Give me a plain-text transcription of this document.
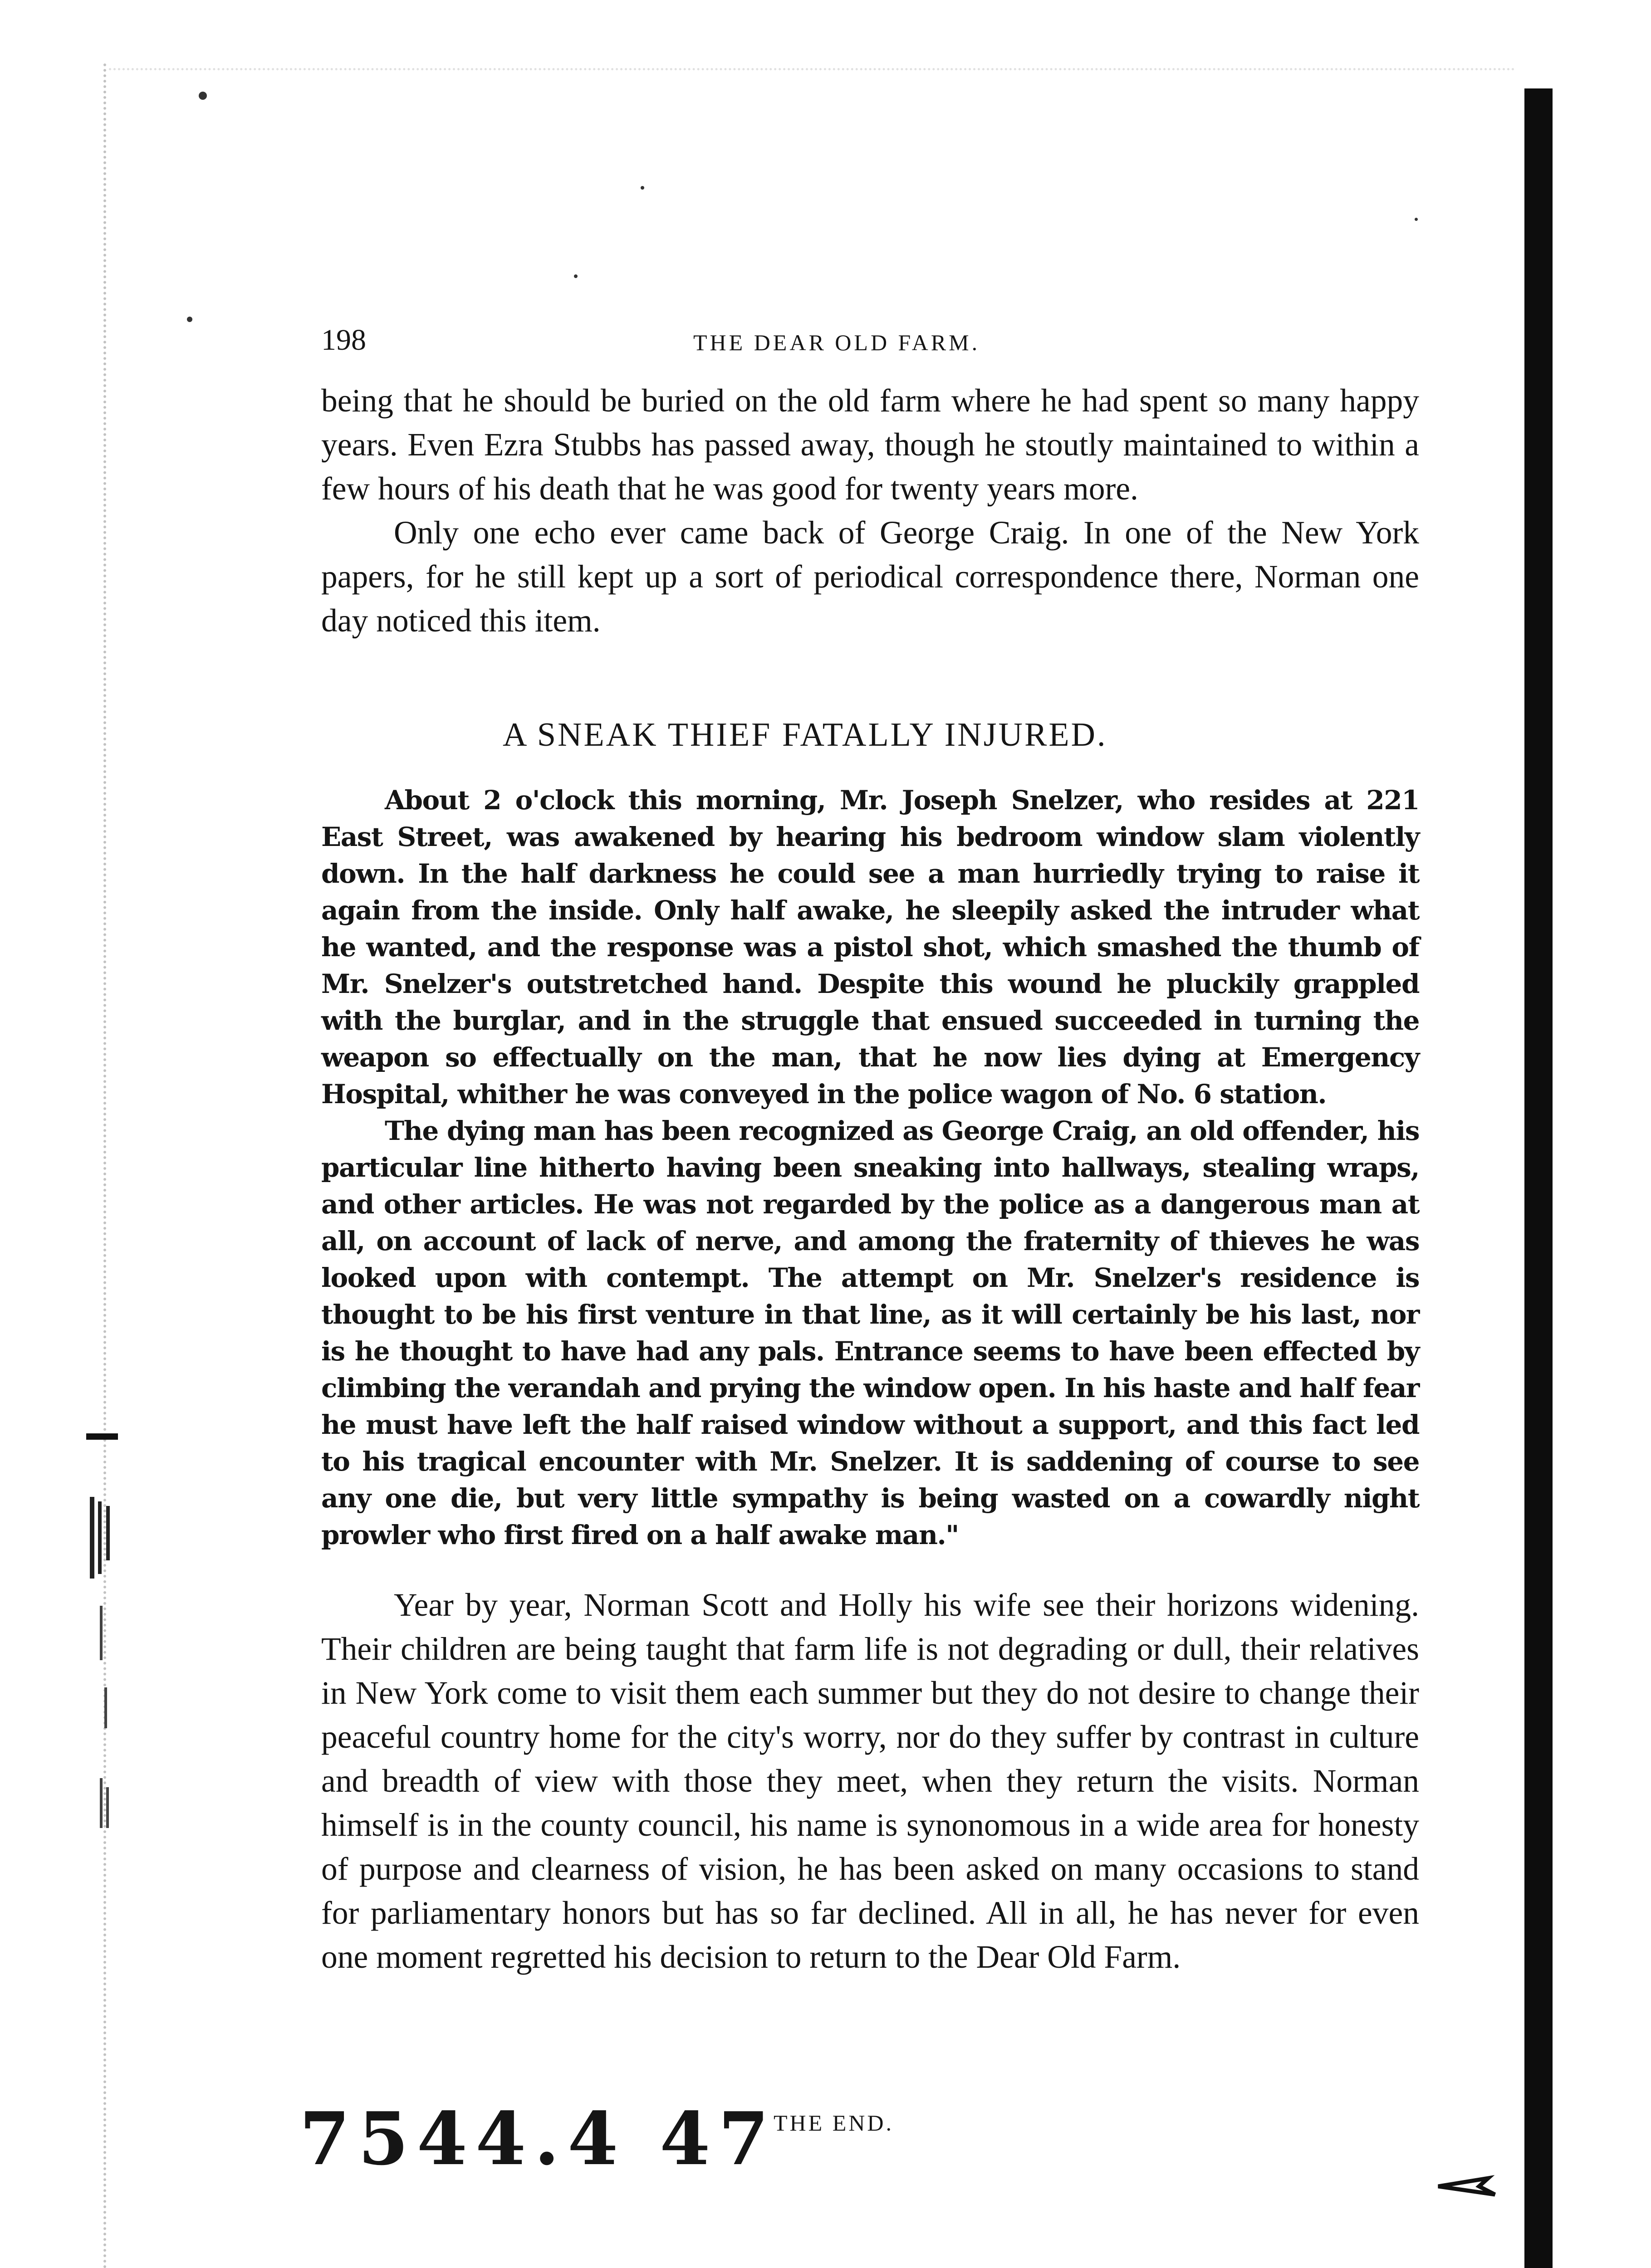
198	THE DEAR OLD FARM.

being that he should be buried on the old farm where he had spent so many happy years. Even Ezra Stubbs has passed away, though he stoutly maintained to within a few hours of his death that he was good for twenty years more.

Only one echo ever came back of George Craig. In one of the New York papers, for he still kept up a sort of periodical correspondence there, Norman one day noticed this item.

A SNEAK THIEF FATALLY INJURED.

About 2 o'clock this morning, Mr. Joseph Snelzer, who resides at 221 East Street, was awakened by hearing his bedroom window slam violently down. In the half darkness he could see a man hurriedly trying to raise it again from the inside. Only half awake, he sleepily asked the intruder what he wanted, and the response was a pistol shot, which smashed the thumb of Mr. Snelzer's outstretched hand. Despite this wound he pluckily grappled with the burglar, and in the struggle that ensued succeeded in turning the weapon so effectually on the man, that he now lies dying at Emergency Hospital, whither he was conveyed in the police wagon of No. 6 station.

The dying man has been recognized as George Craig, an old offender, his particular line hitherto having been sneaking into hallways, stealing wraps, and other articles. He was not regarded by the police as a dangerous man at all, on account of lack of nerve, and among the fraternity of thieves he was looked upon with contempt. The attempt on Mr. Snelzer's residence is thought to be his first venture in that line, as it will certainly be his last, nor is he thought to have had any pals. Entrance seems to have been effected by climbing the verandah and prying the window open. In his haste and half fear he must have left the half raised window without a support, and this fact led to his tragical encounter with Mr. Snelzer. It is saddening of course to see any one die, but very little sympathy is being wasted on a cowardly night prowler who first fired on a half awake man."

Year by year, Norman Scott and Holly his wife see their horizons widening. Their children are being taught that farm life is not degrading or dull, their relatives in New York come to visit them each summer but they do not desire to change their peaceful country home for the city's worry, nor do they suffer by contrast in culture and breadth of view with those they meet, when they return the visits. Norman himself is in the county council, his name is synonomous in a wide area for honesty of purpose and clearness of vision, he has been asked on many occasions to stand for parliamentary honors but has so far declined. All in all, he has never for even one moment regretted his decision to return to the Dear Old Farm.

7544.4 47
THE END.
